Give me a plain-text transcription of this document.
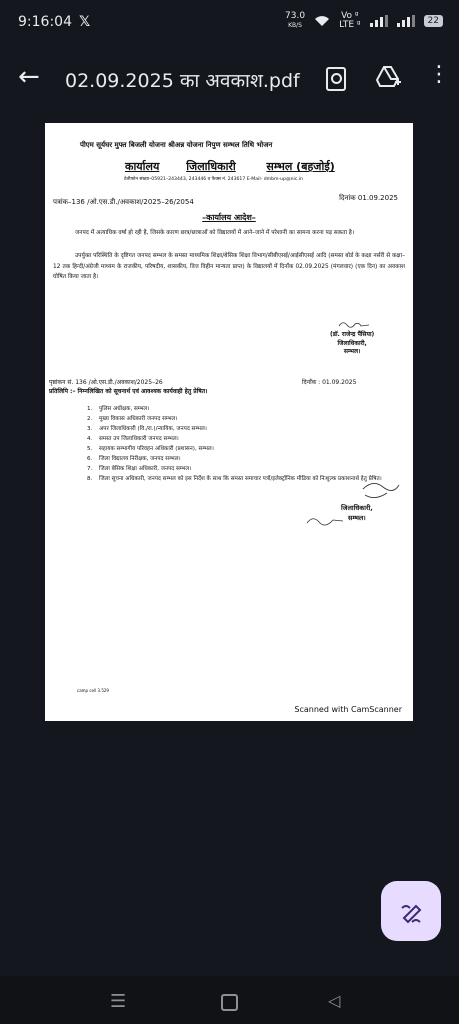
9:16:04 𝕏	73.0
KB/S
Vo ᵍ
LTE ᵍ	22
← 02.09.2025 का अवकाश.pdf	⋮
पीएम सूर्यघर मुफ्त बिजली योजना श्रीअन्न योजना निपुण सम्भल तिथि भोजन
कार्यालय जिलाधिकारी	सम्भल (बहजोई)
टेलीफोन संख्या–05921–243443, 243446 व फैक्स नं. 243617 E-Mail- dmbm-up@nic.in
पत्रांक–136 /ओ.एस.डी./अवकाश/2025–26/2054	दिनांक 01.09.2025
–कार्यालय आदेश–
जनपद में अत्याधिक वर्षा हो रही है, जिसके कारण छात्र/छात्राओं को विद्यालयों में आने–जाने में परेशानी का सामना करना पड़ सकता है।
उपर्युक्त परिस्थिति के दृष्टिगत जनपद सम्भल के समस्त माध्यमिक शिक्षा/बेसिक शिक्षा विभाग/सीबीएसई/आईसीएसई आदि (समस्त बोर्ड के कक्षा नर्सरी से कक्षा–12 तक हिन्दी/अंग्रेजी माध्यम के राजकीय, परिषदीय, शासकीय, वित्त विहीन मान्यता प्राप्त) के विद्यालयों में दिनाँक 02.09.2025 (मंगलवार) (एक दिन) का अवकाश घोषित किया जाता है।
(डॉ. राजेन्द्र पैंसिया)
जिलाधिकारी,
सम्भल।
पृष्ठांकन सं. 136 /ओ.एस.डी./अवकाश/2025–26	दिनाँक : 01.09.2025
प्रतिलिपि :– निम्नलिखित को सूचनार्थ एवं आवश्यक कार्यवाही हेतु प्रेषित।
1.	पुलिस अधीक्षक, सम्भल।
2.	मुख्य विकास अधिकारी जनपद सम्भल।
3.	अपर जिलाधिकारी (वि./रा.)/न्यायिक, जनपद सम्भल।
4.	समस्त उप जिलाधिकारी जनपद सम्भल।
5.	सहायक सम्भागीय परिवहन अधिकारी (प्रशासन), सम्भल।
6.	जिला विद्यालय निरीक्षक, जनपद सम्भल।
7.	जिला बेसिक शिक्षा अधिकारी, जनपद सम्भल।
8.	जिला सूचना अधिकारी, जनपद सम्भल को इस निर्देश के साथ कि समस्त समाचार पत्रों/इलेक्ट्रॉनिक मीडिया को निःशुल्क प्रकाशनार्थ हेतु प्रेषित।
जिलाधिकारी,
सम्भल।
camp cell 3.529
Scanned with CamScanner
☰	◁
